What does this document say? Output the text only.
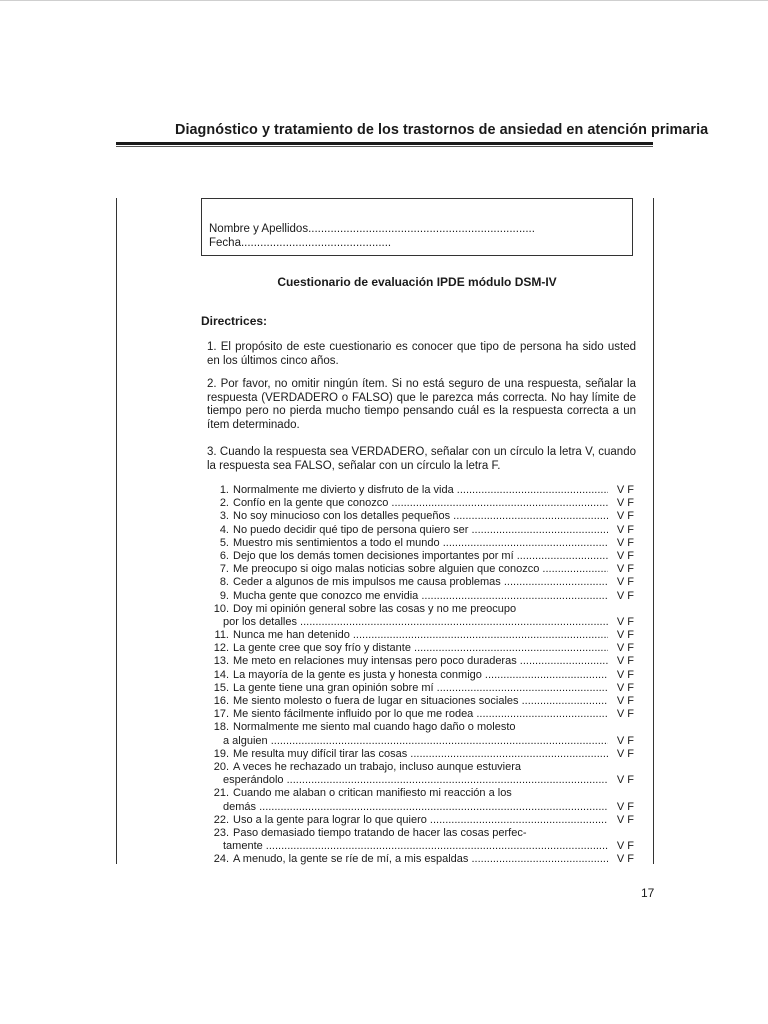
Diagnóstico y tratamiento de los trastornos de ansiedad en atención primaria
Nombre y Apellidos.......................................................................
Fecha...............................................
Cuestionario de evaluación IPDE módulo DSM-IV
Directrices:

1. El propósito de este cuestionario es conocer que tipo de persona ha sido usted en los últimos cinco años.

2. Por favor, no omitir ningún ítem. Si no está seguro de una respuesta, señalar la respuesta (VERDADERO o FALSO) que le parezca más correcta. No hay límite de tiempo pero no pierda mucho tiempo pensando cuál es la respuesta correcta a un ítem determinado.

3. Cuando la respuesta sea VERDADERO, señalar con un círculo la letra V, cuando la respuesta sea FALSO, señalar con un círculo la letra F.

1. Normalmente me divierto y disfruto de la vida .....	V F
2. Confío en la gente que conozco .....	V F
3. No soy minucioso con los detalles pequeños .....	V F
4. No puedo decidir qué tipo de persona quiero ser .....	V F
5. Muestro mis sentimientos a todo el mundo .....	V F
6. Dejo que los demás tomen decisiones importantes por mí .....	V F
7. Me preocupo si oigo malas noticias sobre alguien que conozco .....	V F
8. Ceder a algunos de mis impulsos me causa problemas .....	V F
9. Mucha gente que conozco me envidia .....	V F
10. Doy mi opinión general sobre las cosas y no me preocupo
por los detalles .....	V F
11. Nunca me han detenido .....	V F
12. La gente cree que soy frío y distante .....	V F
13. Me meto en relaciones muy intensas pero poco duraderas .....	V F
14. La mayoría de la gente es justa y honesta conmigo .....	V F
15. La gente tiene una gran opinión sobre mí .....	V F
16. Me siento molesto o fuera de lugar en situaciones sociales .....	V F
17. Me siento fácilmente influido por lo que me rodea .....	V F
18. Normalmente me siento mal cuando hago daño o molesto
a alguien .....	V F
19. Me resulta muy difícil tirar las cosas .....	V F
20. A veces he rechazado un trabajo, incluso aunque estuviera
esperándolo .....	V F
21. Cuando me alaban o critican manifiesto mi reacción a los
demás .....	V F
22. Uso a la gente para lograr lo que quiero .....	V F
23. Paso demasiado tiempo tratando de hacer las cosas perfec-
tamente .....	V F
24. A menudo, la gente se ríe de mí, a mis espaldas .....	V F
17
